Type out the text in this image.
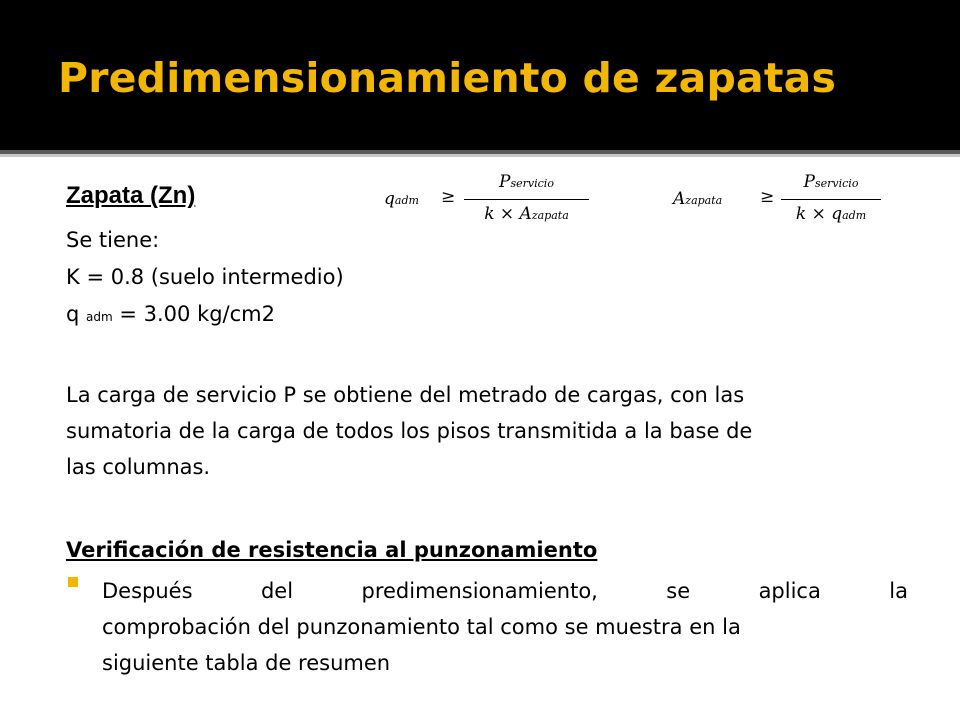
Predimensionamiento de zapatas
Zapata (Zn)
Se tiene:
K = 0.8 (suelo intermedio)
q adm = 3.00 kg/cm2
La carga de servicio P se obtiene del metrado de cargas, con las
sumatoria de la carga de todos los pisos transmitida a la base de
las columnas.
Verificación de resistencia al punzonamiento
Después del predimensionamiento, se aplica la
comprobación del punzonamiento tal como se muestra en la
siguiente tabla de resumen
qadm ≥
Pservicio
k × Azapata
Azapata ≥
Pservicio
k × qadm
